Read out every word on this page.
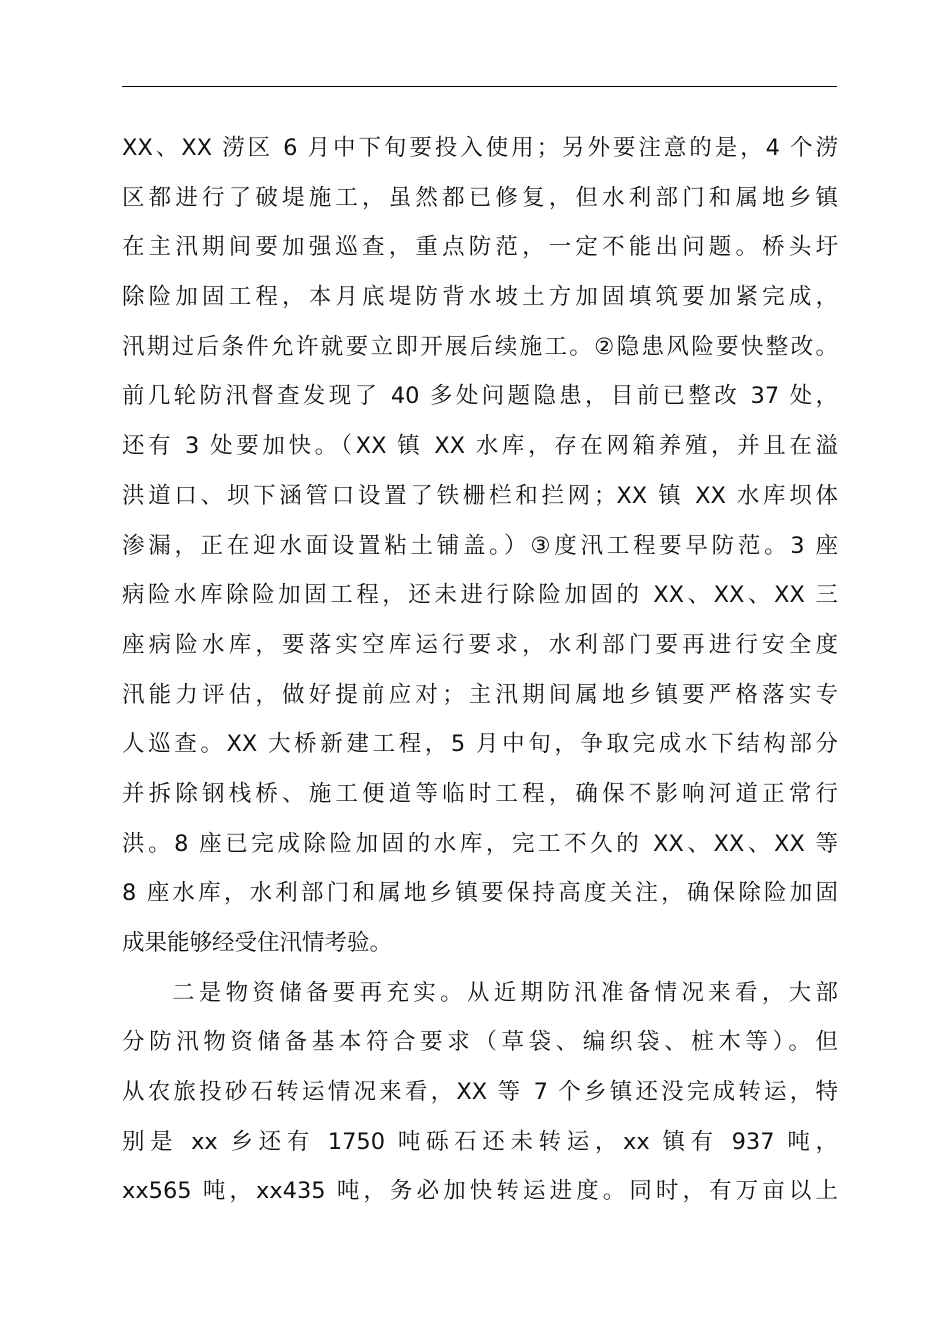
XX、XX 涝区 6 月中下旬要投入使用；另外要注意的是，4 个涝
区都进行了破堤施工，虽然都已修复，但水利部门和属地乡镇
在主汛期间要加强巡查，重点防范，一定不能出问题。桥头圩
除险加固工程，本月底堤防背水坡土方加固填筑要加紧完成，
汛期过后条件允许就要立即开展后续施工。②隐患风险要快整改。
前几轮防汛督查发现了 40 多处问题隐患，目前已整改 37 处，
还有 3 处要加快。（XX 镇 XX 水库，存在网箱养殖，并且在溢
洪道口、坝下涵管口设置了铁栅栏和拦网；XX 镇 XX 水库坝体
渗漏，正在迎水面设置粘土铺盖。）③度汛工程要早防范。3 座
病险水库除险加固工程，还未进行除险加固的 XX、XX、XX 三
座病险水库，要落实空库运行要求，水利部门要再进行安全度
汛能力评估，做好提前应对；主汛期间属地乡镇要严格落实专
人巡查。XX 大桥新建工程，5 月中旬，争取完成水下结构部分
并拆除钢栈桥、施工便道等临时工程，确保不影响河道正常行
洪。8 座已完成除险加固的水库，完工不久的 XX、XX、XX 等
8 座水库，水利部门和属地乡镇要保持高度关注，确保除险加固
成果能够经受住汛情考验。
二是物资储备要再充实。从近期防汛准备情况来看，大部
分防汛物资储备基本符合要求（草袋、编织袋、桩木等）。但
从农旅投砂石转运情况来看，XX 等 7 个乡镇还没完成转运，特
别是 xx 乡还有 1750 吨砾石还未转运，xx 镇有 937 吨，
xx565 吨，xx435 吨，务必加快转运进度。同时，有万亩以上
